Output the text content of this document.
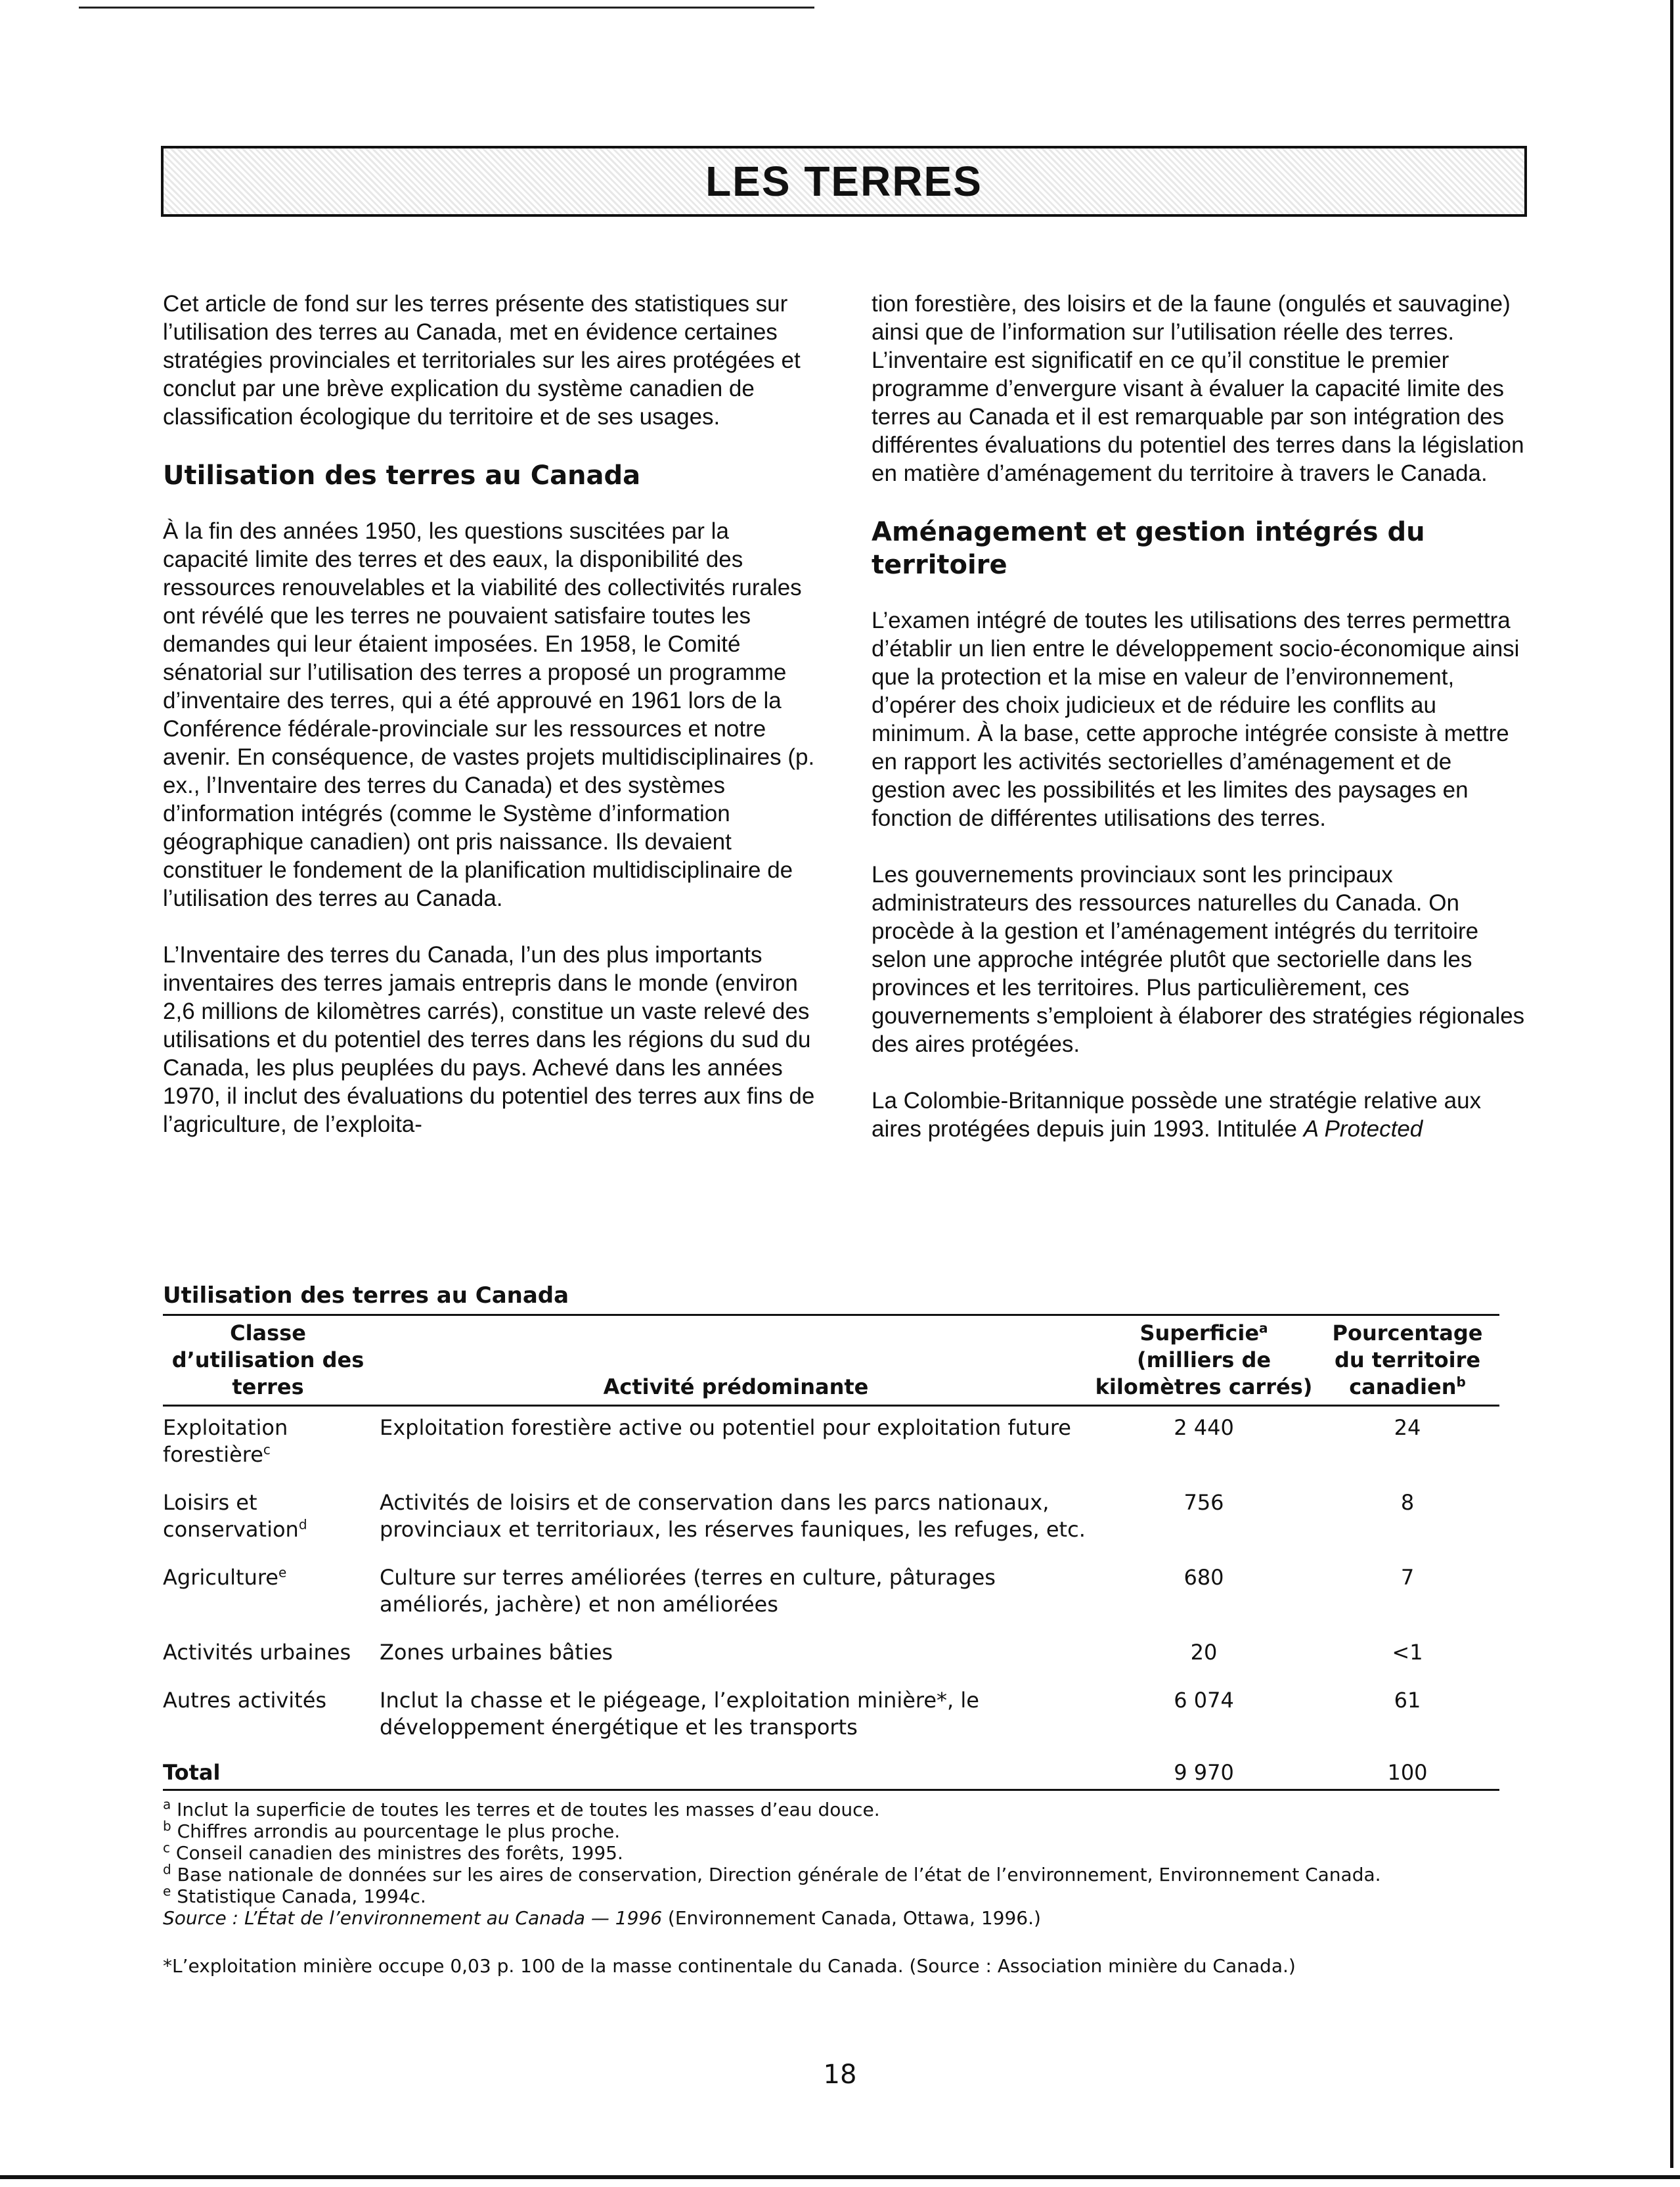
LES TERRES

Cet article de fond sur les terres présente des statistiques sur l’utilisation des terres au Canada, met en évidence certaines stratégies provinciales et territoriales sur les aires protégées et conclut par une brève explication du système canadien de classification écologique du territoire et de ses usages.

Utilisation des terres au Canada

À la fin des années 1950, les questions suscitées par la capacité limite des terres et des eaux, la disponibilité des ressources renouvelables et la viabilité des collectivités rurales ont révélé que les terres ne pouvaient satisfaire toutes les demandes qui leur étaient imposées. En 1958, le Comité sénatorial sur l’utilisation des terres a proposé un programme d’inventaire des terres, qui a été approuvé en 1961 lors de la Conférence fédérale-provinciale sur les ressources et notre avenir. En conséquence, de vastes projets multidisciplinaires (p. ex., l’Inventaire des terres du Canada) et des systèmes d’information intégrés (comme le Système d’information géographique canadien) ont pris naissance. Ils devaient constituer le fondement de la planification multidisciplinaire de l’utilisation des terres au Canada.

L’Inventaire des terres du Canada, l’un des plus importants inventaires des terres jamais entrepris dans le monde (environ 2,6 millions de kilomètres carrés), constitue un vaste relevé des utilisations et du potentiel des terres dans les régions du sud du Canada, les plus peuplées du pays. Achevé dans les années 1970, il inclut des évaluations du potentiel des terres aux fins de l’agriculture, de l’exploita-

tion forestière, des loisirs et de la faune (ongulés et sauvagine) ainsi que de l’information sur l’utilisation réelle des terres. L’inventaire est significatif en ce qu’il constitue le premier programme d’envergure visant à évaluer la capacité limite des terres au Canada et il est remarquable par son intégration des différentes évaluations du potentiel des terres dans la législation en matière d’aménagement du territoire à travers le Canada.

Aménagement et gestion intégrés du territoire

L’examen intégré de toutes les utilisations des terres permettra d’établir un lien entre le développement socio-économique ainsi que la protection et la mise en valeur de l’environnement, d’opérer des choix judicieux et de réduire les conflits au minimum. À la base, cette approche intégrée consiste à mettre en rapport les activités sectorielles d’aménagement et de gestion avec les possibilités et les limites des paysages en fonction de différentes utilisations des terres.

Les gouvernements provinciaux sont les principaux administrateurs des ressources naturelles du Canada. On procède à la gestion et l’aménagement intégrés du territoire selon une approche intégrée plutôt que sectorielle dans les provinces et les territoires. Plus particulièrement, ces gouvernements s’emploient à élaborer des stratégies régionales des aires protégées.

La Colombie-Britannique possède une stratégie relative aux aires protégées depuis juin 1993. Intitulée A Protected

Utilisation des terres au Canada
Classe d’utilisation des terres	Activité prédominante	Superficie$^a$ (milliers de kilomètres carrés)	Pourcentage du territoire canadien$^b$
Exploitation forestière$^c$	Exploitation forestière active ou potentiel pour exploitation future	2 440	24
Loisirs et conservation$^d$	Activités de loisirs et de conservation dans les parcs nationaux, provinciaux et territoriaux, les réserves fauniques, les refuges, etc.	756	8
Agriculture$^e$	Culture sur terres améliorées (terres en culture, pâturages améliorés, jachère) et non améliorées	680	7
Activités urbaines	Zones urbaines bâties	20	<1
Autres activités	Inclut la chasse et le piégeage, l’exploitation minière*, le développement énergétique et les transports	6 074	61
Total		9 970	100
$^a$ Inclut la superficie de toutes les terres et de toutes les masses d’eau douce.
$^b$ Chiffres arrondis au pourcentage le plus proche.
$^c$ Conseil canadien des ministres des forêts, 1995.
$^d$ Base nationale de données sur les aires de conservation, Direction générale de l’état de l’environnement, Environnement Canada.
$^e$ Statistique Canada, 1994c.
Source : L’État de l’environnement au Canada — 1996 (Environnement Canada, Ottawa, 1996.)
*L’exploitation minière occupe 0,03 p. 100 de la masse continentale du Canada. (Source : Association minière du Canada.)
18
